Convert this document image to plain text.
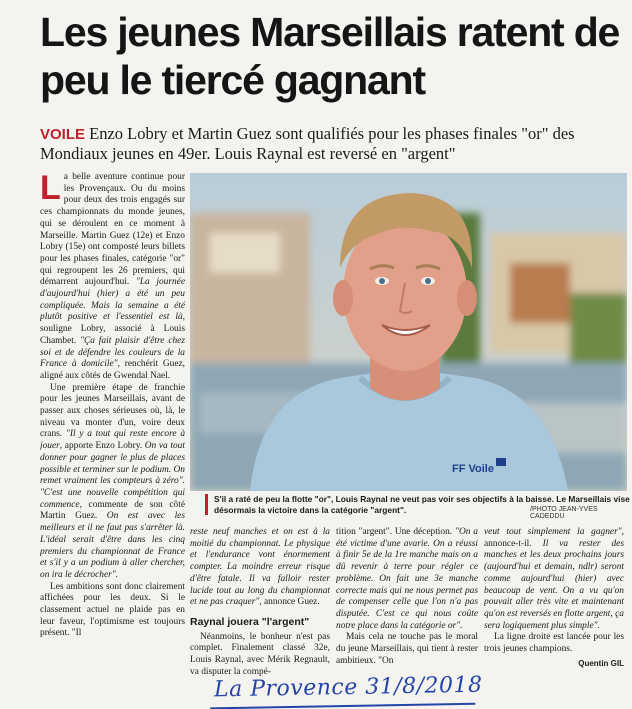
Les jeunes Marseillais ratent de peu le tiercé gagnant
VOILE Enzo Lobry et Martin Guez sont qualifiés pour les phases finales "or" des Mondiaux jeunes en 49er. Louis Raynal est reversé en "argent"

La belle aventure continue pour les Provençaux. Ou du moins pour deux des trois engagés sur ces championnats du monde jeunes, qui se déroulent en ce moment à Marseille. Martin Guez (12e) et Enzo Lobry (15e) ont composté leurs billets pour les phases finales, catégorie "or" qui regroupent les 26 premiers, qui démarrent aujourd'hui. "La journée d'aujourd'hui (hier) a été un peu compliquée. Mais la semaine a été plutôt positive et l'essentiel est là, souligne Lobry, associé à Louis Chambet. "Ça fait plaisir d'être chez soi et de défendre les couleurs de la France à domicile", renchérit Guez, aligné aux côtés de Gwendal Nael.

Une première étape de franchie pour les jeunes Marseillais, avant de passer aux choses sérieuses où, là, le niveau va monter d'un, voire deux crans. "Il y a tout qui reste encore à jouer, apporte Enzo Lobry. On va tout donner pour gagner le plus de places possible et terminer sur le podium. On remet vraiment les compteurs à zéro". "C'est une nouvelle compétition qui commence, commente de son côté Martin Guez. On est avec les meilleurs et il ne faut pas s'arrêter là. L'idéal serait d'être dans les cinq premiers du championnat de France et s'il y a un podium à aller chercher, on ira le décrocher".

Les ambitions sont donc clairement affichées pour les deux. Si le classement actuel ne plaide pas en leur faveur, l'optimisme est toujours présent. "Il

FF Voile
S'il a raté de peu la flotte "or", Louis Raynal ne veut pas voir ses objectifs à la baisse. Le Marseillais vise désormais la victoire dans la catégorie "argent".	/PHOTO JEAN-YVES CADEDDU

reste neuf manches et on est à la moitié du championnat. Le physique et l'endurance vont énormement compter. La moindre erreur risque d'être fatale. Il va falloir rester lucide tout au long du championnat et ne pas craquer", annonce Guez.

Raynal jouera "l'argent"

Néanmoins, le bonheur n'est pas complet. Finalement classé 32e, Louis Raynal, avec Mérik Regnault, va disputer la compé-

tition "argent". Une déception. "On a été victime d'une avarie. On a réussi à finir 5e de la 1re manche mais on a dû revenir à terre pour régler ce problème. On fait une 3e manche correcte mais qui ne nous permet pas de compenser celle que l'on n'a pas disputée. C'est ce qui nous coûte notre place dans la catégorie or".

Mais cela ne touche pas le moral du jeune Marseillais, qui tient à rester ambitieux. "On

veut tout simplement la gagner", annonce-t-il. Il va rester des manches et les deux prochains jours (aujourd'hui et demain, ndlr) seront comme aujourd'hui (hier) avec beaucoup de vent. On a vu qu'on pouvait aller très vite et maintenant qu'on est reversés en flotte argent, ça sera logiquement plus simple".

La ligne droite est lancée pour les trois jeunes champions.

Quentin GIL
La Provence 31/8/2018
